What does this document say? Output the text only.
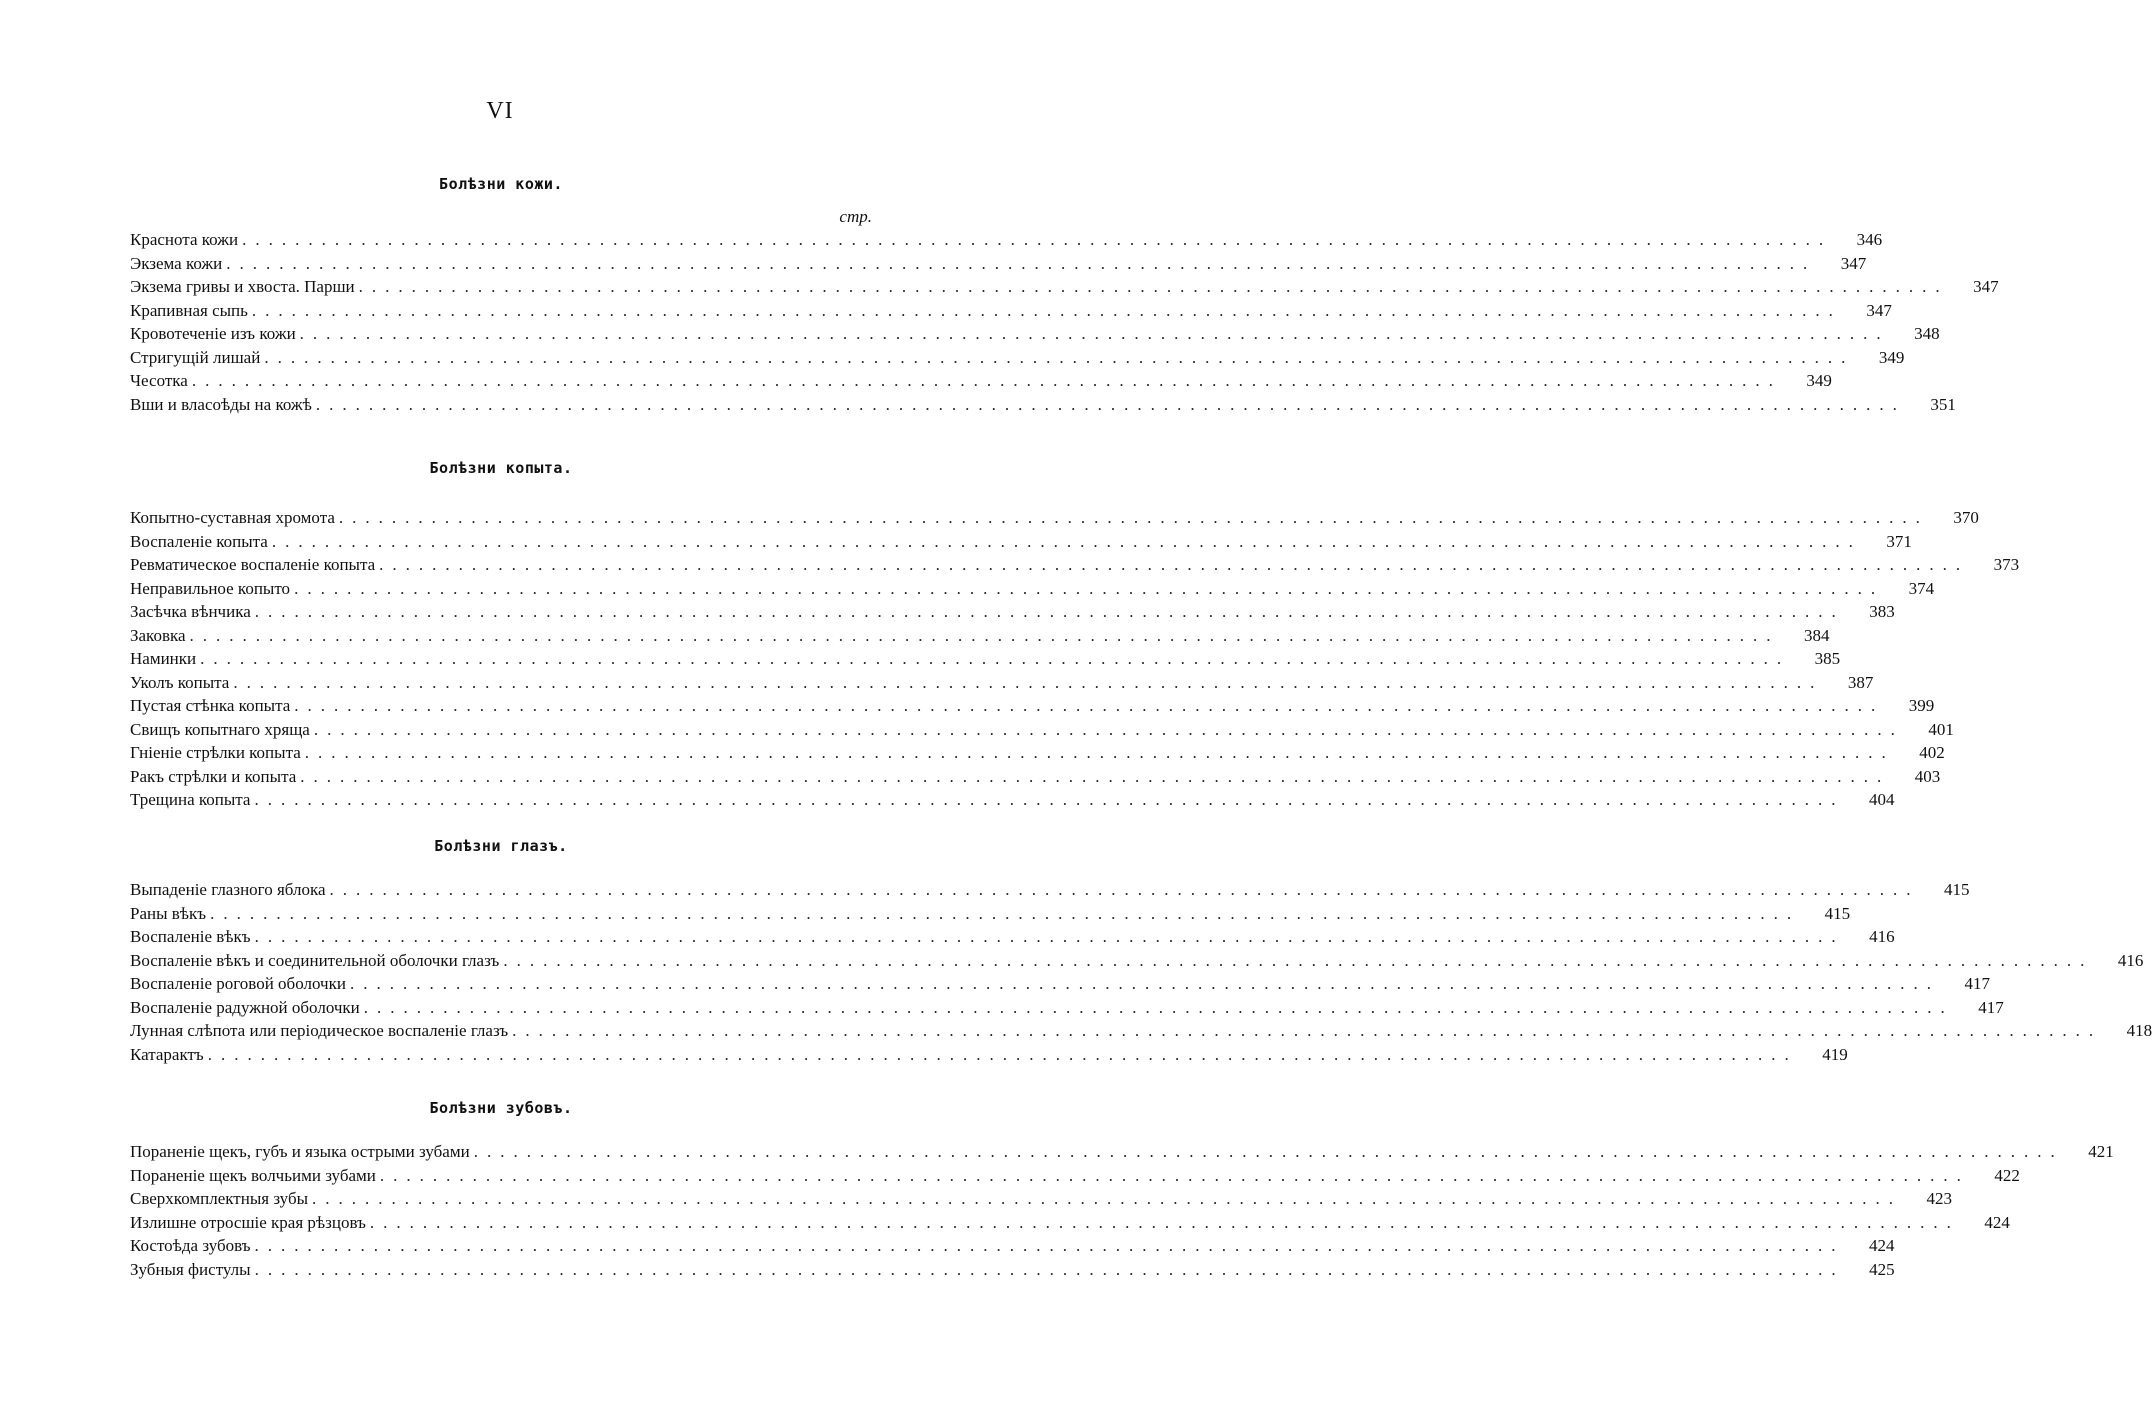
VI
Болѣзни кожи.
стр.
Краснота кожи ........................................................................................................................	346
Экзема кожи ........................................................................................................................	347
Экзема гривы и хвоста. Парши ........................................................................................................................	347
Крапивная сыпь ........................................................................................................................	347
Кровотеченіе изъ кожи ........................................................................................................................	348
Стригущій лишай ........................................................................................................................	349
Чесотка ........................................................................................................................	349
Вши и власоѣды на кожѣ ........................................................................................................................	351
Болѣзни копыта.
Копытно-суставная хромота ........................................................................................................................	370
Воспаленіе копыта ........................................................................................................................	371
Ревматическое воспаленіе копыта ........................................................................................................................	373
Неправильное копыто ........................................................................................................................	374
Засѣчка вѣнчика ........................................................................................................................	383
Заковка ........................................................................................................................	384
Наминки ........................................................................................................................	385
Уколъ копыта ........................................................................................................................	387
Пустая стѣнка копыта ........................................................................................................................	399
Свищъ копытнаго хряща ........................................................................................................................	401
Гніеніе стрѣлки копыта ........................................................................................................................	402
Ракъ стрѣлки и копыта ........................................................................................................................	403
Трещина копыта ........................................................................................................................	404
Болѣзни глазъ.
Выпаденіе глазного яблока ........................................................................................................................	415
Раны вѣкъ ........................................................................................................................	415
Воспаленіе вѣкъ ........................................................................................................................	416
Воспаленіе вѣкъ и соединительной оболочки глазъ ........................................................................................................................	416
Воспаленіе роговой оболочки ........................................................................................................................	417
Воспаленіе радужной оболочки ........................................................................................................................	417
Лунная слѣпота или періодическое воспаленіе глазъ ........................................................................................................................	418
Катарактъ ........................................................................................................................	419
Болѣзни зубовъ.
Пораненіе щекъ, губъ и языка острыми зубами ........................................................................................................................	421
Пораненіе щекъ волчьими зубами ........................................................................................................................	422
Сверхкомплектныя зубы ........................................................................................................................	423
Излишне отросшіе края рѣзцовъ ........................................................................................................................	424
Костоѣда зубовъ ........................................................................................................................	424
Зубныя фистулы ........................................................................................................................	425
